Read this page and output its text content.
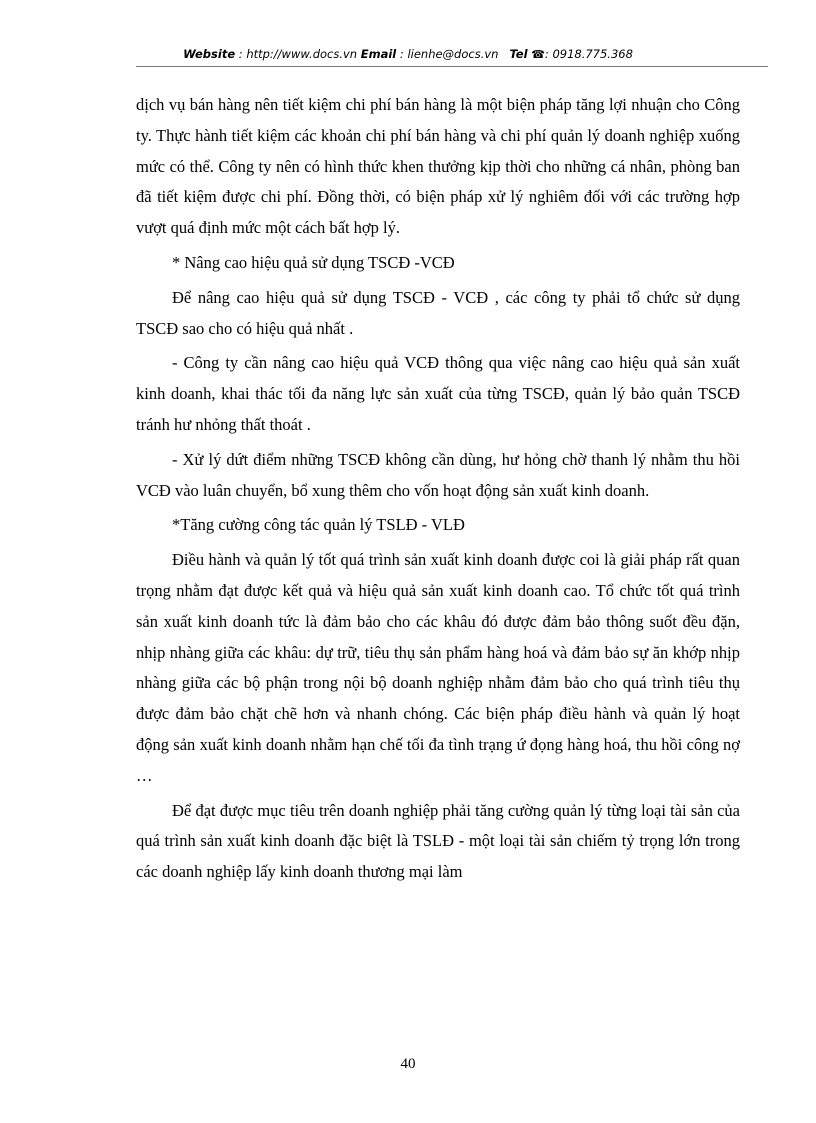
Website : http://www.docs.vn Email : lienhe@docs.vn Tel ☎: 0918.775.368

dịch vụ bán hàng nên tiết kiệm chi phí bán hàng là một biện pháp tăng lợi nhuận cho Công ty. Thực hành tiết kiệm các khoản chi phí bán hàng và chi phí quản lý doanh nghiệp xuống mức có thể. Công ty nên có hình thức khen thưởng kịp thời cho những cá nhân, phòng ban đã tiết kiệm được chi phí. Đồng thời, có biện pháp xử lý nghiêm đối với các trường hợp vượt quá định mức một cách bất hợp lý.

* Nâng cao hiệu quả sử dụng TSCĐ -VCĐ

Để nâng cao hiệu quả sử dụng TSCĐ - VCĐ , các công ty phải tổ chức sử dụng TSCĐ sao cho có hiệu quả nhất .

- Công ty cần nâng cao hiệu quả VCĐ thông qua việc nâng cao hiệu quả sản xuất kinh doanh, khai thác tối đa năng lực sản xuất của từng TSCĐ, quản lý bảo quản TSCĐ tránh hư nhỏng thất thoát .

- Xử lý dứt điểm những TSCĐ không cần dùng, hư hỏng chờ thanh lý nhằm thu hồi VCĐ vào luân chuyển, bổ xung thêm cho vốn hoạt động sản xuất kinh doanh.

*Tăng cường công tác quản lý TSLĐ - VLĐ

Điều hành và quản lý tốt quá trình sản xuất kinh doanh được coi là giải pháp rất quan trọng nhằm đạt được kết quả và hiệu quả sản xuất kinh doanh cao. Tổ chức tốt quá trình sản xuất kinh doanh tức là đảm bảo cho các khâu đó được đảm bảo thông suốt đều đặn, nhịp nhàng giữa các khâu: dự trữ, tiêu thụ sản phẩm hàng hoá và đảm bảo sự ăn khớp nhịp nhàng giữa các bộ phận trong nội bộ doanh nghiệp nhằm đảm bảo cho quá trình tiêu thụ được đảm bảo chặt chẽ hơn và nhanh chóng. Các biện pháp điều hành và quản lý hoạt động sản xuất kinh doanh nhằm hạn chế tối đa tình trạng ứ đọng hàng hoá, thu hồi công nợ …

Để đạt được mục tiêu trên doanh nghiệp phải tăng cường quản lý từng loại tài sản của quá trình sản xuất kinh doanh đặc biệt là TSLĐ - một loại tài sản chiếm tỷ trọng lớn trong các doanh nghiệp lấy kinh doanh thương mại làm

40
